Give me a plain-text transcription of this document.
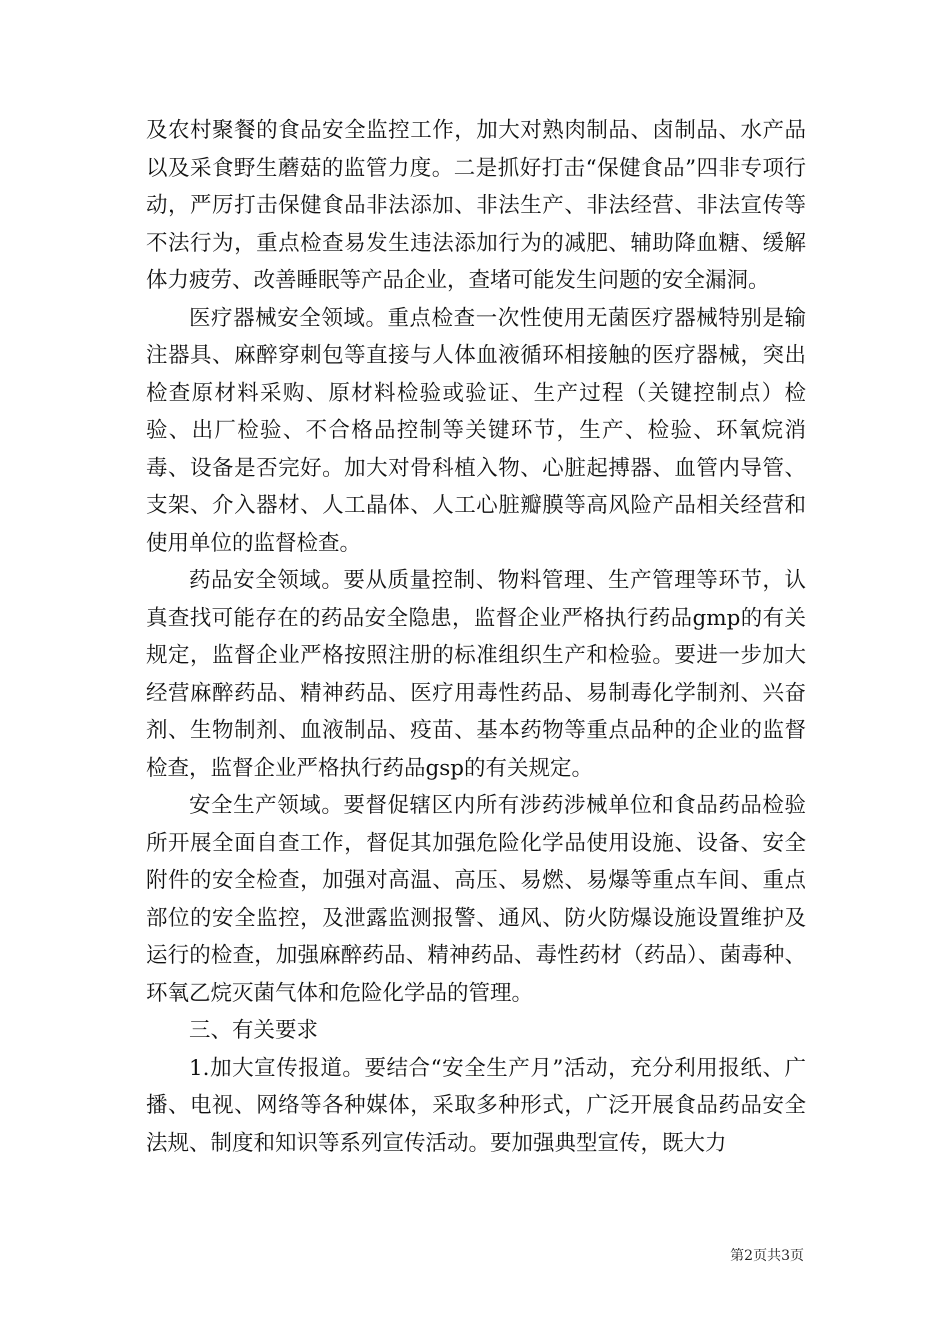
及农村聚餐的食品安全监控工作，加大对熟肉制品、卤制品、水产品以及采食野生蘑菇的监管力度。二是抓好打击“保健食品”四非专项行动，严厉打击保健食品非法添加、非法生产、非法经营、非法宣传等不法行为，重点检查易发生违法添加行为的减肥、辅助降血糖、缓解体力疲劳、改善睡眠等产品企业，查堵可能发生问题的安全漏洞。

医疗器械安全领域。重点检查一次性使用无菌医疗器械特别是输注器具、麻醉穿刺包等直接与人体血液循环相接触的医疗器械，突出检查原材料采购、原材料检验或验证、生产过程（关键控制点）检验、出厂检验、不合格品控制等关键环节，生产、检验、环氧烷消毒、设备是否完好。加大对骨科植入物、心脏起搏器、血管内导管、支架、介入器材、人工晶体、人工心脏瓣膜等高风险产品相关经营和使用单位的监督检查。

药品安全领域。要从质量控制、物料管理、生产管理等环节，认真查找可能存在的药品安全隐患，监督企业严格执行药品gmp的有关规定，监督企业严格按照注册的标准组织生产和检验。要进一步加大经营麻醉药品、精神药品、医疗用毒性药品、易制毒化学制剂、兴奋剂、生物制剂、血液制品、疫苗、基本药物等重点品种的企业的监督检查，监督企业严格执行药品gsp的有关规定。

安全生产领域。要督促辖区内所有涉药涉械单位和食品药品检验所开展全面自查工作，督促其加强危险化学品使用设施、设备、安全附件的安全检查，加强对高温、高压、易燃、易爆等重点车间、重点部位的安全监控，及泄露监测报警、通风、防火防爆设施设置维护及运行的检查，加强麻醉药品、精神药品、毒性药材（药品）、菌毒种、环氧乙烷灭菌气体和危险化学品的管理。

三、有关要求

1.加大宣传报道。要结合“安全生产月”活动，充分利用报纸、广播、电视、网络等各种媒体，采取多种形式，广泛开展食品药品安全法规、制度和知识等系列宣传活动。要加强典型宣传，既大力

第2页共3页
